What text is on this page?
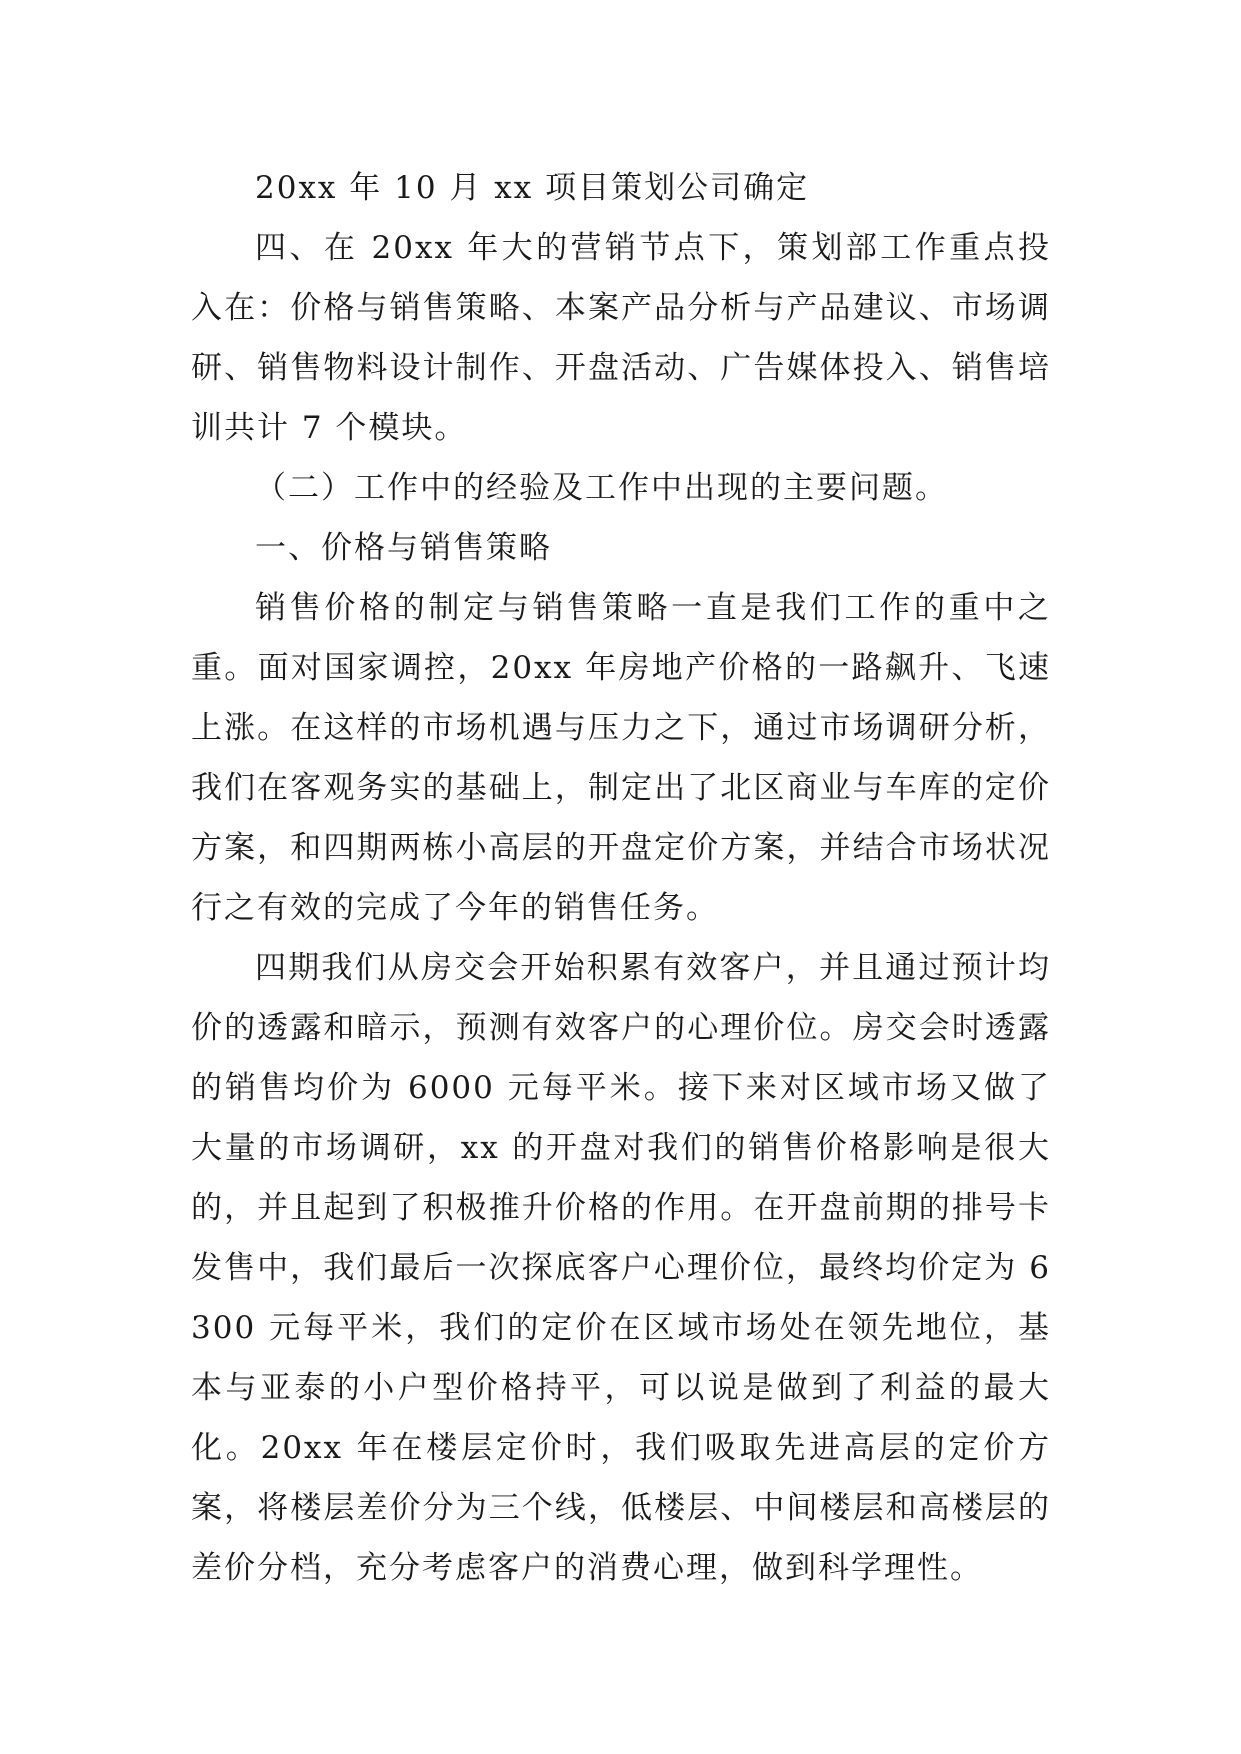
20xx 年 10 月 xx 项目策划公司确定

四、在 20xx 年大的营销节点下，策划部工作重点投入在：价格与销售策略、本案产品分析与产品建议、市场调研、销售物料设计制作、开盘活动、广告媒体投入、销售培训共计 7 个模块。

（二）工作中的经验及工作中出现的主要问题。

一、价格与销售策略

销售价格的制定与销售策略一直是我们工作的重中之重。面对国家调控，20xx 年房地产价格的一路飙升、飞速上涨。在这样的市场机遇与压力之下，通过市场调研分析，我们在客观务实的基础上，制定出了北区商业与车库的定价方案，和四期两栋小高层的开盘定价方案，并结合市场状况行之有效的完成了今年的销售任务。

四期我们从房交会开始积累有效客户，并且通过预计均价的透露和暗示，预测有效客户的心理价位。房交会时透露的销售均价为 6000 元每平米。接下来对区域市场又做了大量的市场调研，xx 的开盘对我们的销售价格影响是很大的，并且起到了积极推升价格的作用。在开盘前期的排号卡发售中，我们最后一次探底客户心理价位，最终均价定为 6300 元每平米，我们的定价在区域市场处在领先地位，基本与亚泰的小户型价格持平，可以说是做到了利益的最大化。20xx 年在楼层定价时，我们吸取先进高层的定价方案，将楼层差价分为三个线，低楼层、中间楼层和高楼层的差价分档，充分考虑客户的消费心理，做到科学理性。
